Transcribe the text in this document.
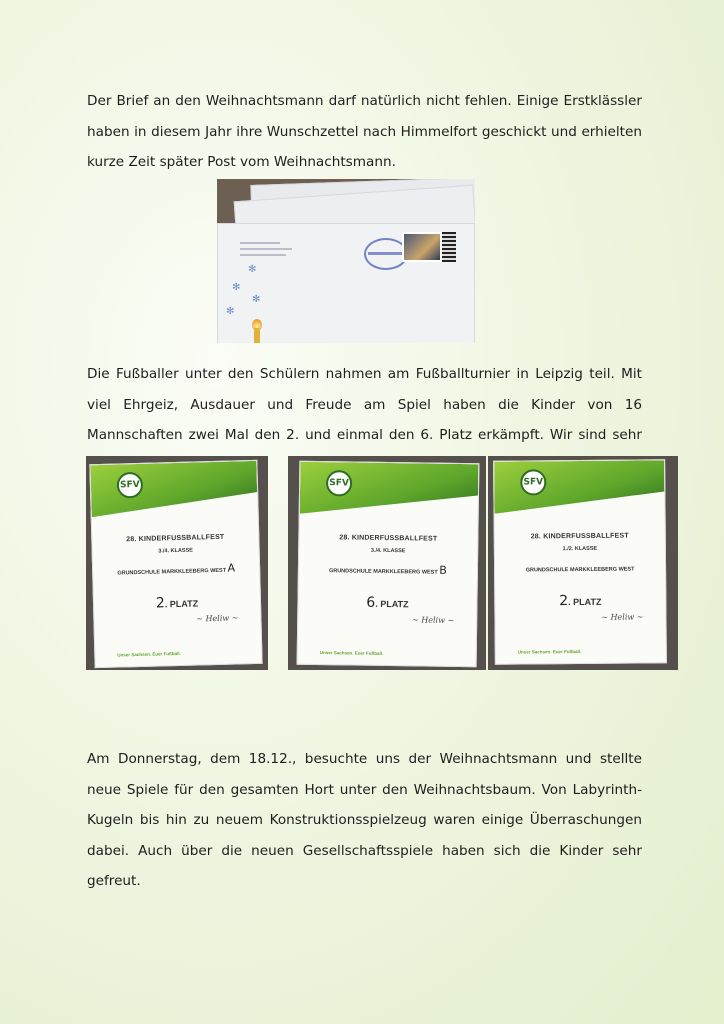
Der Brief an den Weihnachtsmann darf natürlich nicht fehlen. Einige Erstklässler haben in diesem Jahr ihre Wunschzettel nach Himmelfort geschickt und erhielten kurze Zeit später Post vom Weihnachtsmann.

✻
✻
✻
✻

Die Fußballer unter den Schülern nahmen am Fußballturnier in Leipzig teil. Mit viel Ehrgeiz, Ausdauer und Freude am Spiel haben die Kinder von 16 Mannschaften zwei Mal den 2. und einmal den 6. Platz erkämpft. Wir sind sehr

SFV
28. KINDERFUSSBALLFEST
3./4. KLASSE
GRUNDSCHULE MARKKLEEBERG WEST A
2. PLATZ
~ Heliw ~
Unser Sachsen. Euer Fußball.
SFV
28. KINDERFUSSBALLFEST
3./4. KLASSE
GRUNDSCHULE MARKKLEEBERG WEST B
6. PLATZ
~ Heliw ~
Unser Sachsen. Euer Fußball.
SFV
28. KINDERFUSSBALLFEST
1./2. KLASSE
GRUNDSCHULE MARKKLEEBERG WEST
2. PLATZ
~ Heliw ~
Unser Sachsen. Euer Fußball.

Am Donnerstag, dem 18.12., besuchte uns der Weihnachtsmann und stellte neue Spiele für den gesamten Hort unter den Weihnachtsbaum. Von Labyrinth-Kugeln bis hin zu neuem Konstruktionsspielzeug waren einige Überraschungen dabei. Auch über die neuen Gesellschaftsspiele haben sich die Kinder sehr gefreut.
